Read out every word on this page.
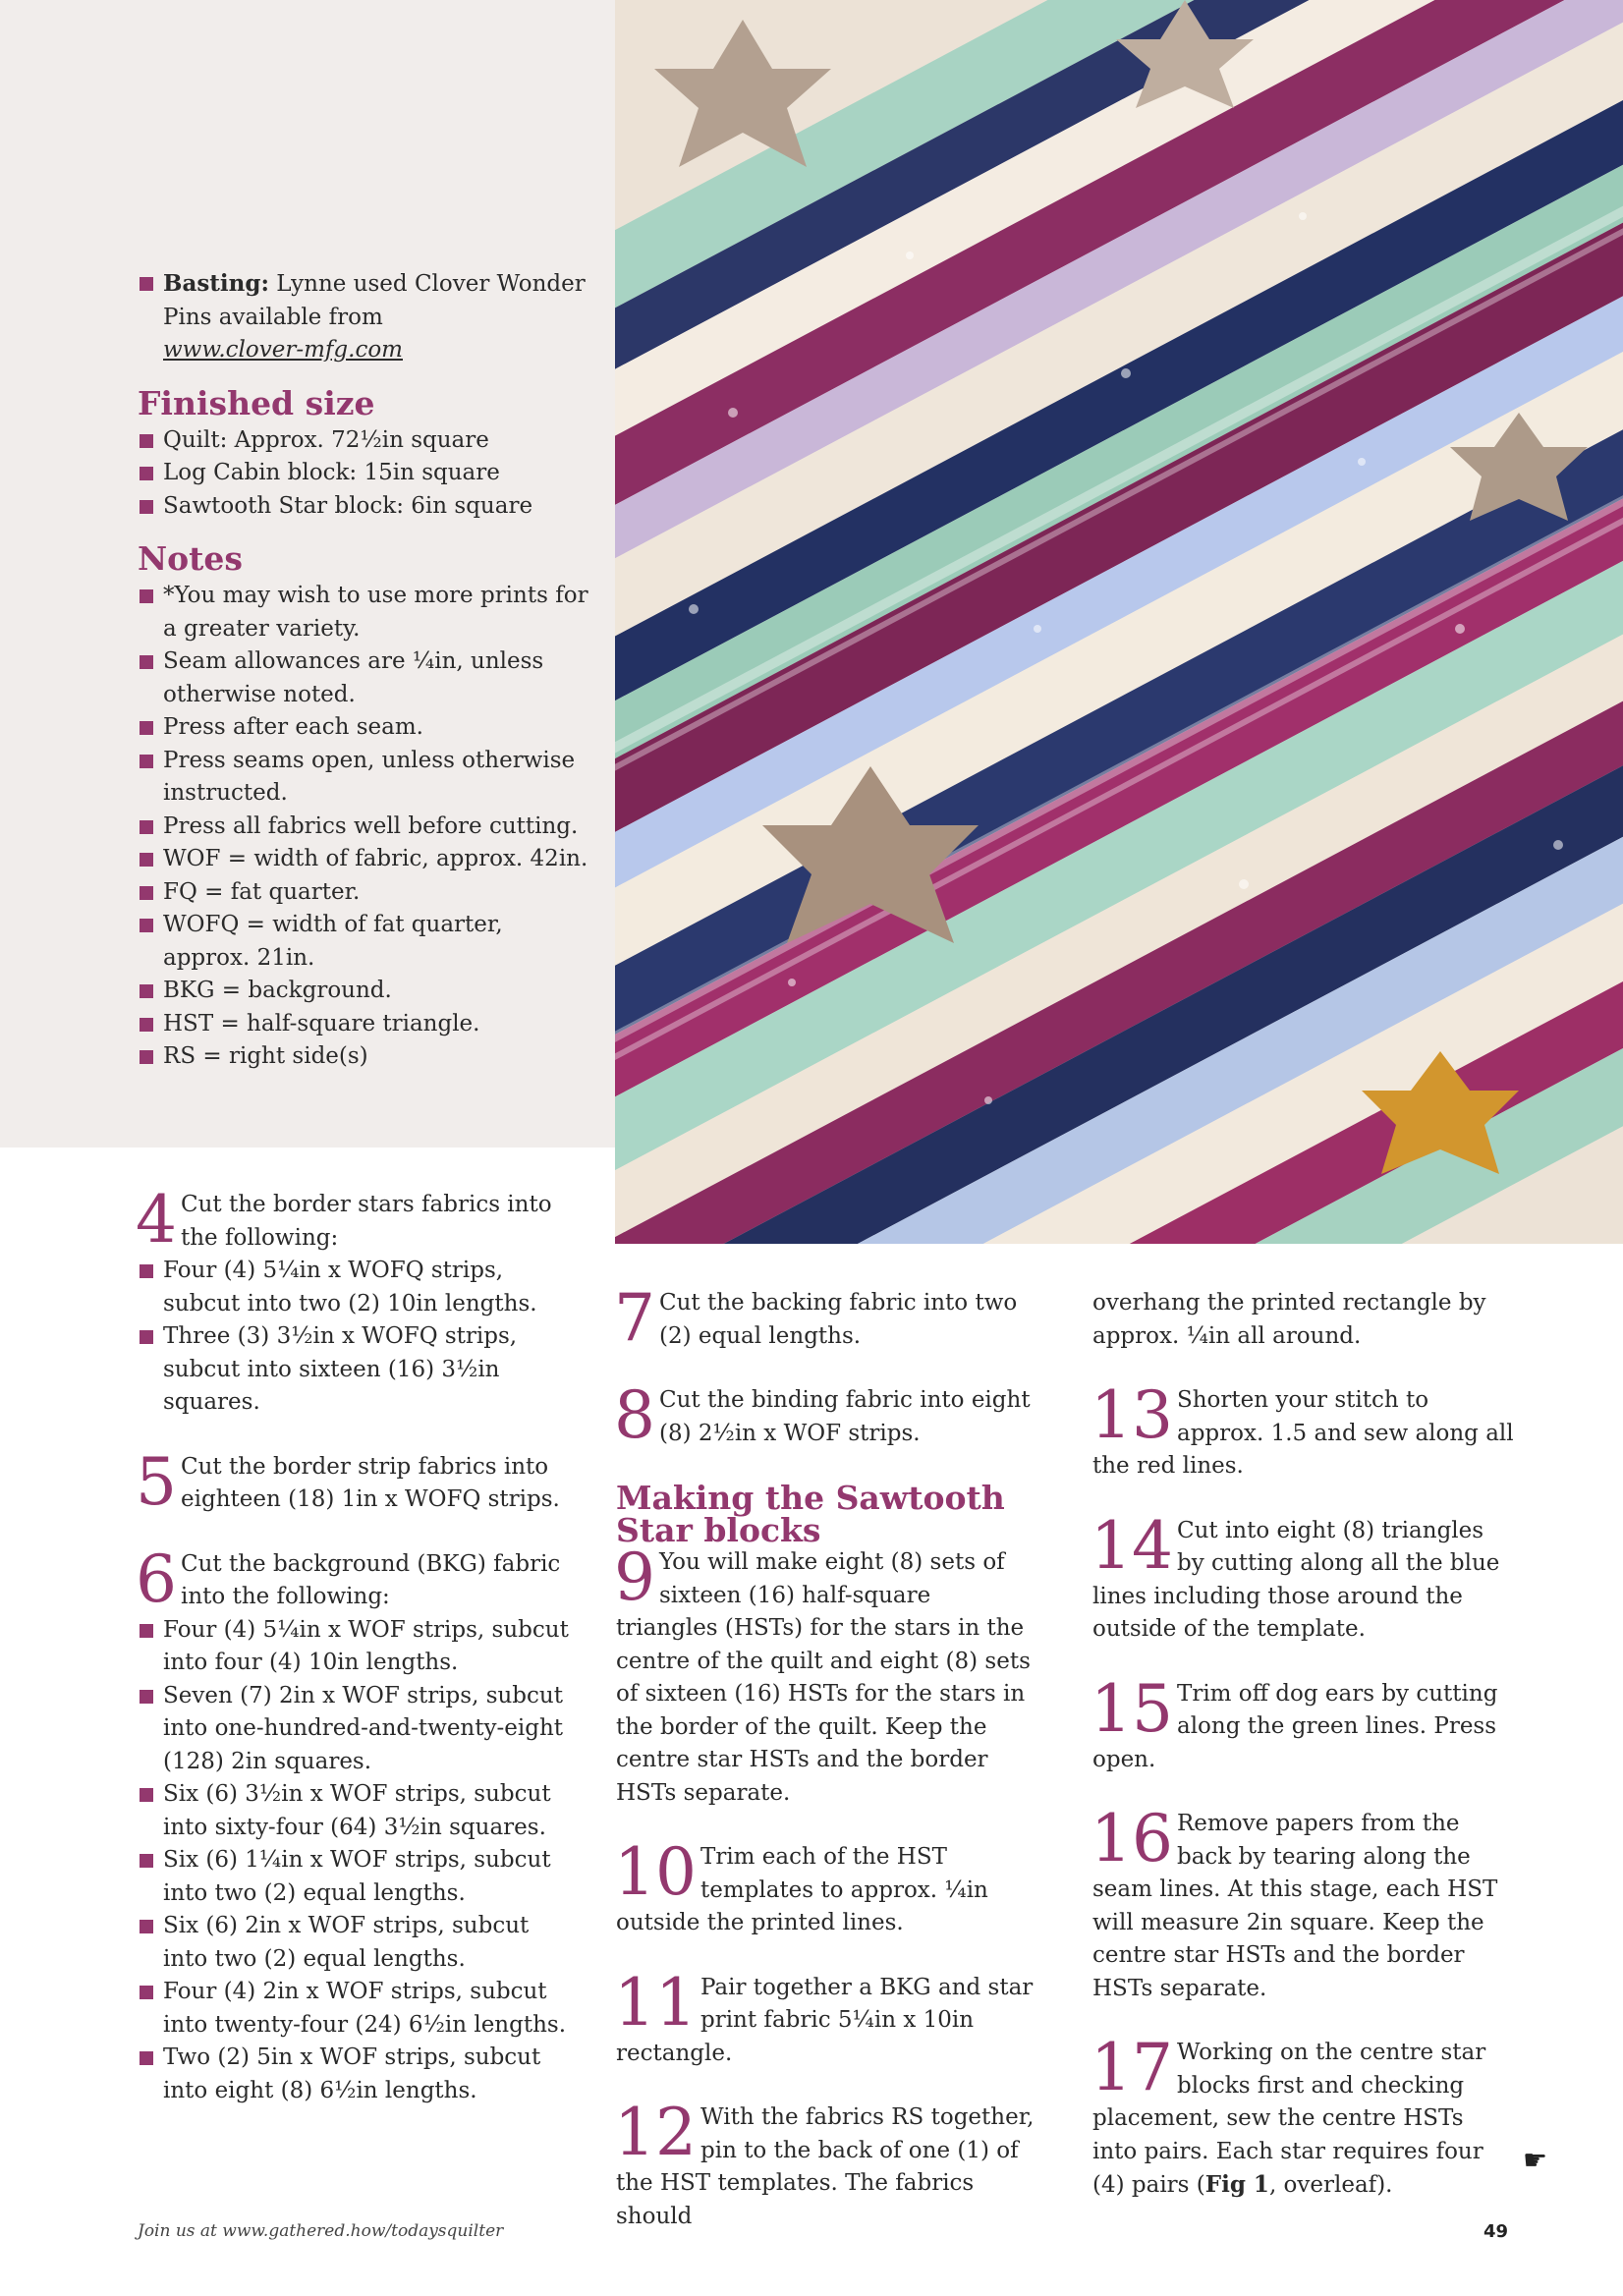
Basting: Lynne used Clover Wonder Pins available from
www.clover-mfg.com

Finished size

Quilt: Approx. 72½in square

Log Cabin block: 15in square

Sawtooth Star block: 6in square

Notes

*You may wish to use more prints for a greater variety.

Seam allowances are ¼in, unless otherwise noted.

Press after each seam.

Press seams open, unless otherwise instructed.

Press all fabrics well before cutting.

WOF = width of fabric, approx. 42in.

FQ = fat quarter.

WOFQ = width of fat quarter, approx. 21in.

BKG = background.

HST = half-square triangle.

RS = right side(s)

4 Cut the border stars fabrics into the following:

Four (4) 5¼in x WOFQ strips, subcut into two (2) 10in lengths.

Three (3) 3½in x WOFQ strips, subcut into sixteen (16) 3½in squares.

5 Cut the border strip fabrics into eighteen (18) 1in x WOFQ strips.
6 Cut the background (BKG) fabric into the following:

Four (4) 5¼in x WOF strips, subcut into four (4) 10in lengths.

Seven (7) 2in x WOF strips, subcut into one-hundred-and-twenty-eight (128) 2in squares.

Six (6) 3½in x WOF strips, subcut into sixty-four (64) 3½in squares.

Six (6) 1¼in x WOF strips, subcut into two (2) equal lengths.

Six (6) 2in x WOF strips, subcut into two (2) equal lengths.

Four (4) 2in x WOF strips, subcut into twenty-four (24) 6½in lengths.

Two (2) 5in x WOF strips, subcut into eight (8) 6½in lengths.

7 Cut the backing fabric into two (2) equal lengths.
8 Cut the binding fabric into eight (8) 2½in x WOF strips.
Making the Sawtooth Star blocks
9 You will make eight (8) sets of sixteen (16) half-square triangles (HSTs) for the stars in the centre of the quilt and eight (8) sets of sixteen (16) HSTs for the stars in the border of the quilt. Keep the centre star HSTs and the border HSTs separate.
10 Trim each of the HST templates to approx. ¼in outside the printed lines.
11 Pair together a BKG and star print fabric 5¼in x 10in rectangle.
12 With the fabrics RS together, pin to the back of one (1) of the HST templates. The fabrics should
overhang the printed rectangle by approx. ¼in all around.
13 Shorten your stitch to approx. 1.5 and sew along all the red lines.
14 Cut into eight (8) triangles by cutting along all the blue lines including those around the outside of the template.
15 Trim off dog ears by cutting along the green lines. Press open.
16 Remove papers from the back by tearing along the seam lines. At this stage, each HST will measure 2in square. Keep the centre star HSTs and the border HSTs separate.
17 Working on the centre star blocks first and checking placement, sew the centre HSTs into pairs. Each star requires four (4) pairs (Fig 1, overleaf).
☛
Join us at www.gathered.how/todaysquilter	49
